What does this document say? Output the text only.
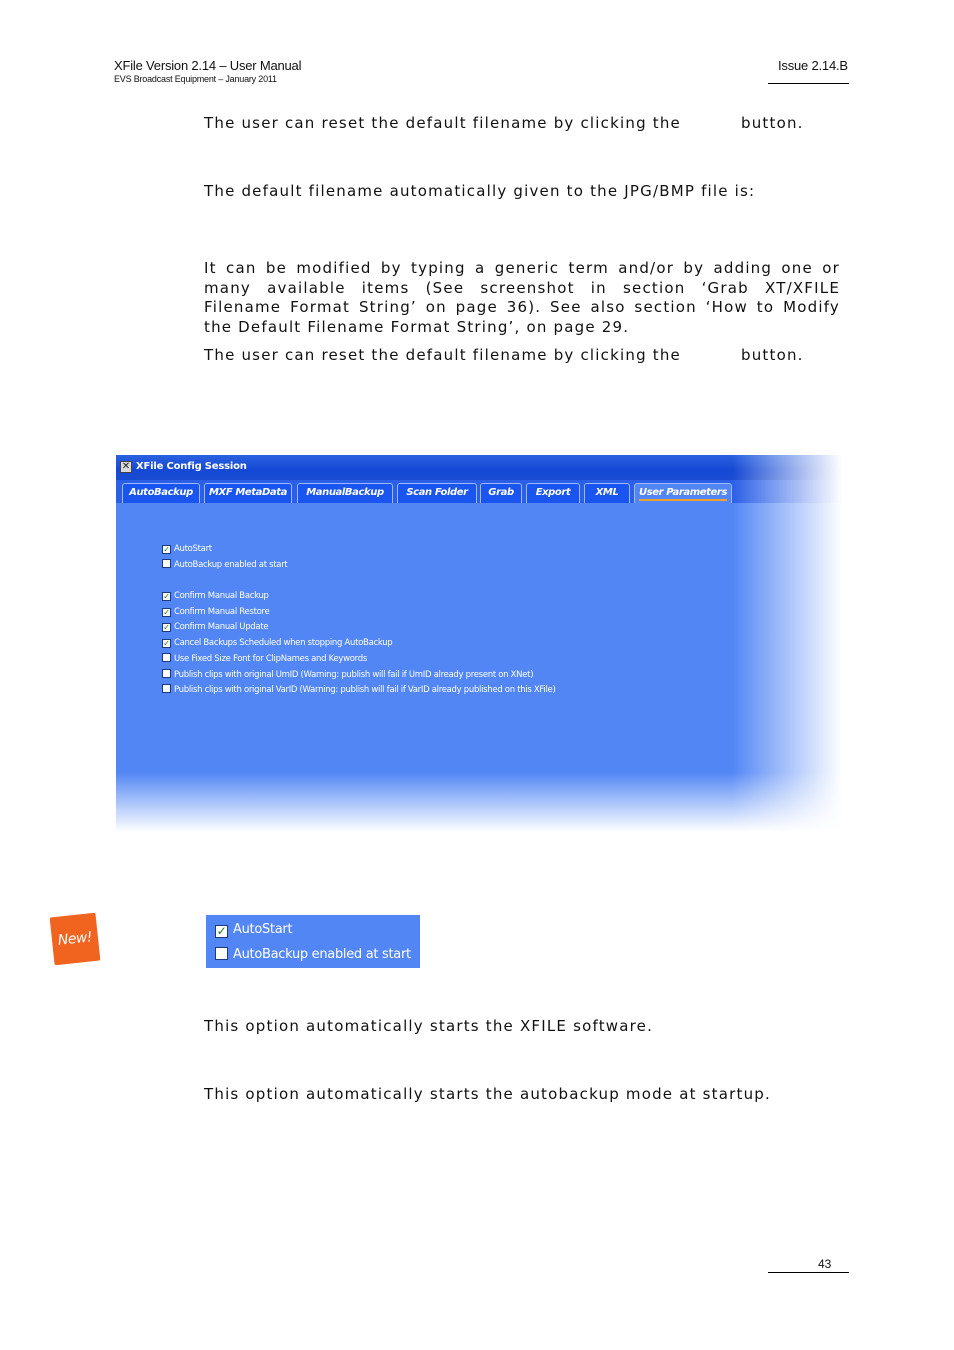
XFile Version 2.14 – User Manual
EVS Broadcast Equipment – January 2011
Issue 2.14.B
The user can reset the default filename by clicking the	button.
The default filename automatically given to the JPG/BMP file is:
It can be modified by typing a generic term and/or by adding one or many available items (See screenshot in section ‘Grab XT/XFILE Filename Format String’ on page 36). See also section ‘How to Modify the Default Filename Format String’, on page 29.
The user can reset the default filename by clicking the	button.
✕ XFile Config Session
AutoBackup	MXF MetaData	ManualBackup	Scan Folder	Grab	Export	XML	User Parameters
✓ AutoStart
AutoBackup enabled at start
✓ Confirm Manual Backup
✓ Confirm Manual Restore
✓ Confirm Manual Update
✓ Cancel Backups Scheduled when stopping AutoBackup
Use Fixed Size Font for ClipNames and Keywords
Publish clips with original UmID (Warning: publish will fail if UmID already present on XNet)
Publish clips with original VarID (Warning: publish will fail if VarID already published on this XFile)
New!	✓ AutoStart
AutoBackup enabled at start
This option automatically starts the XFILE software.
This option automatically starts the autobackup mode at startup.
43
